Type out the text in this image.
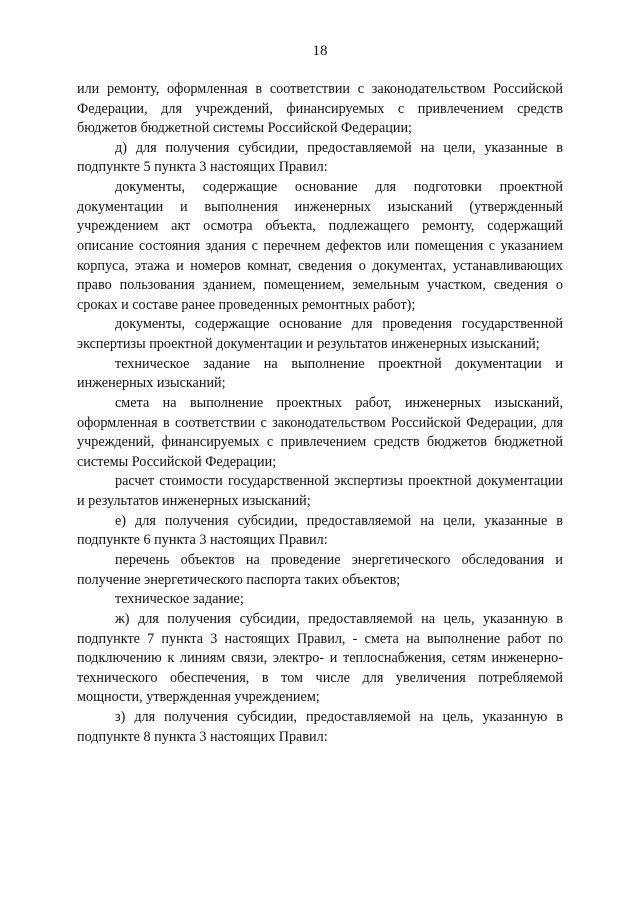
18

или ремонту, оформленная в соответствии с законодательством Российской Федерации, для учреждений, финансируемых с привлечением средств бюджетов бюджетной системы Российской Федерации;

д) для получения субсидии, предоставляемой на цели, указанные в подпункте 5 пункта 3 настоящих Правил:

документы, содержащие основание для подготовки проектной документации и выполнения инженерных изысканий (утвержденный учреждением акт осмотра объекта, подлежащего ремонту, содержащий описание состояния здания с перечнем дефектов или помещения с указанием корпуса, этажа и номеров комнат, сведения о документах, устанавливающих право пользования зданием, помещением, земельным участком, сведения о сроках и составе ранее проведенных ремонтных работ);

документы, содержащие основание для проведения государственной экспертизы проектной документации и результатов инженерных изысканий;

техническое задание на выполнение проектной документации и инженерных изысканий;

смета на выполнение проектных работ, инженерных изысканий, оформленная в соответствии с законодательством Российской Федерации, для учреждений, финансируемых с привлечением средств бюджетов бюджетной системы Российской Федерации;

расчет стоимости государственной экспертизы проектной документации и результатов инженерных изысканий;

е) для получения субсидии, предоставляемой на цели, указанные в подпункте 6 пункта 3 настоящих Правил:

перечень объектов на проведение энергетического обследования и получение энергетического паспорта таких объектов;

техническое задание;

ж) для получения субсидии, предоставляемой на цель, указанную в подпункте 7 пункта 3 настоящих Правил, - смета на выполнение работ по подключению к линиям связи, электро- и теплоснабжения, сетям инженерно-технического обеспечения, в том числе для увеличения потребляемой мощности, утвержденная учреждением;

з) для получения субсидии, предоставляемой на цель, указанную в подпункте 8 пункта 3 настоящих Правил:
